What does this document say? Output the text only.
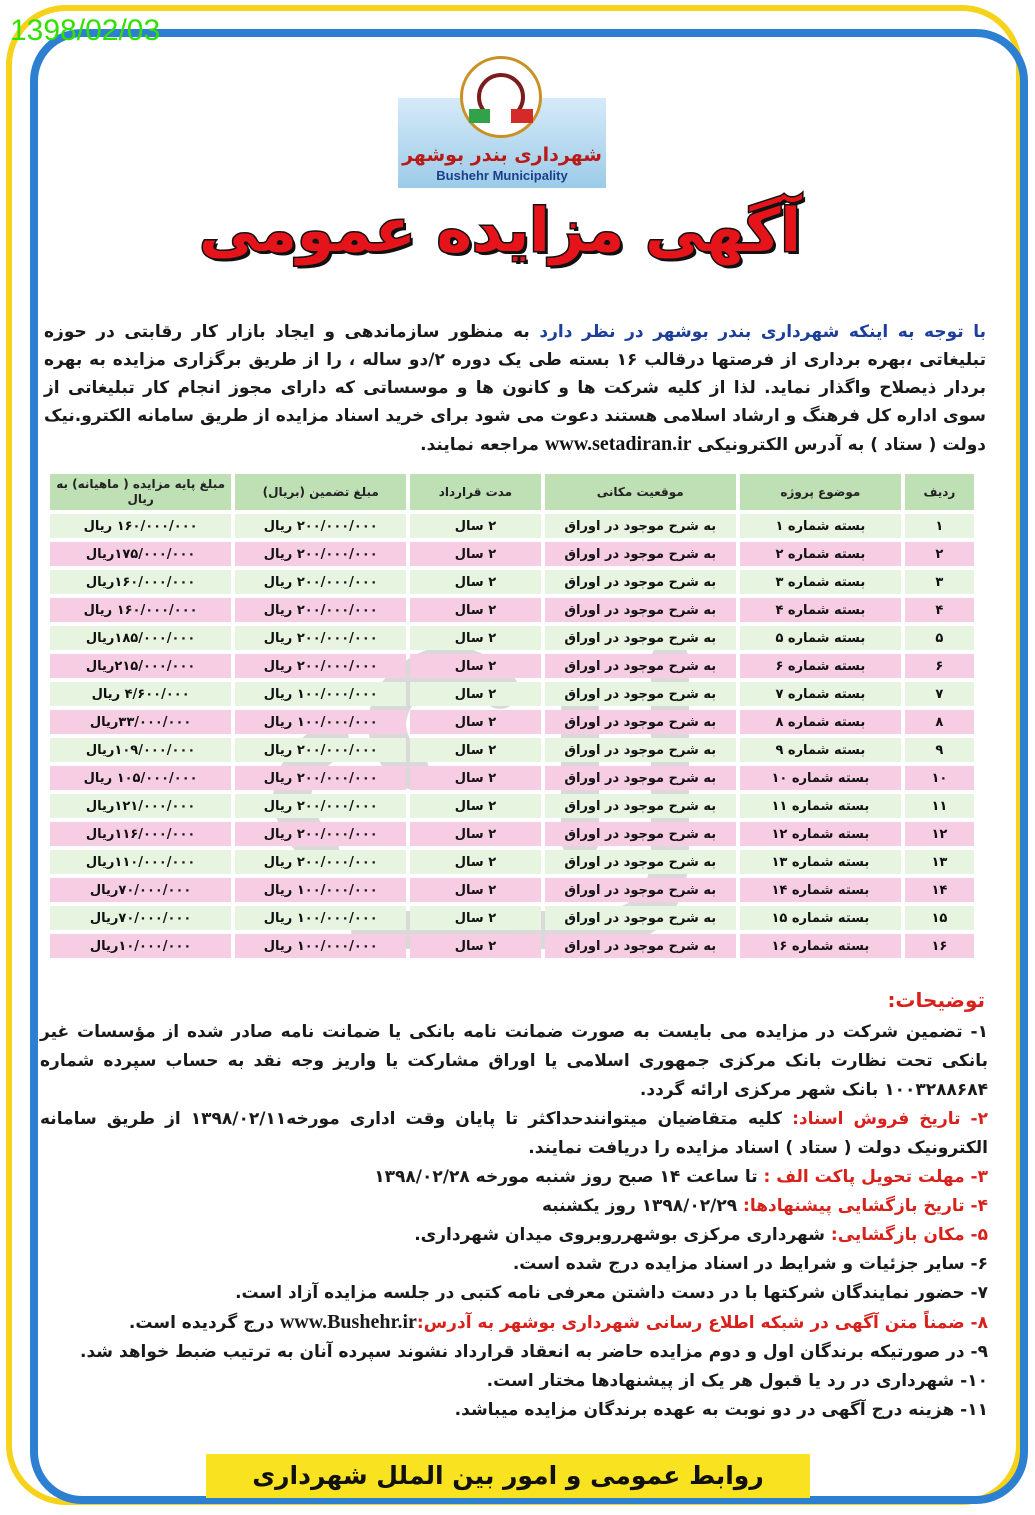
1398/02/03
شهرداری بندر بوشهر
Bushehr Municipality
آگهی مزایده عمومی
با توجه به اینکه شهرداری بندر بوشهر در نظر دارد به منظور سازماندهی و ایجاد بازار کار رقابتی در حوزه تبلیغاتی ،بهره برداری از فرصتها درقالب ۱۶ بسته طی یک دوره ۲/دو ساله ، را از طریق برگزاری مزایده به بهره بردار ذیصلاح واگذار نماید. لذا از کلیه شرکت ها و کانون ها و موسساتی که دارای مجوز انجام کار تبلیغاتی از سوی اداره کل فرهنگ و ارشاد اسلامی هستند دعوت می شود برای خرید اسناد مزایده از طریق سامانه الکترو.نیک دولت ( ستاد ) به آدرس الکترونیکی www.setadiran.ir مراجعه نمایند.
ردیف	موضوع پروژه	موقعیت مکانی	مدت قرارداد	مبلغ تضمین (بریال)	مبلغ پایه مزایده ( ماهیانه) به ریال
۱	بسته شماره ۱	به شرح موجود در اوراق	۲ سال	۲۰۰/۰۰۰/۰۰۰ ریال	۱۶۰/۰۰۰/۰۰۰ ریال
۲	بسته شماره ۲	به شرح موجود در اوراق	۲ سال	۲۰۰/۰۰۰/۰۰۰ ریال	۱۷۵/۰۰۰/۰۰۰ریال
۳	بسته شماره ۳	به شرح موجود در اوراق	۲ سال	۲۰۰/۰۰۰/۰۰۰ ریال	۱۶۰/۰۰۰/۰۰۰ریال
۴	بسته شماره ۴	به شرح موجود در اوراق	۲ سال	۲۰۰/۰۰۰/۰۰۰ ریال	۱۶۰/۰۰۰/۰۰۰ ریال
۵	بسته شماره ۵	به شرح موجود در اوراق	۲ سال	۲۰۰/۰۰۰/۰۰۰ ریال	۱۸۵/۰۰۰/۰۰۰ریال
۶	بسته شماره ۶	به شرح موجود در اوراق	۲ سال	۲۰۰/۰۰۰/۰۰۰ ریال	۲۱۵/۰۰۰/۰۰۰ریال
۷	بسته شماره ۷	به شرح موجود در اوراق	۲ سال	۱۰۰/۰۰۰/۰۰۰ ریال	۴/۶۰۰/۰۰۰ ریال
۸	بسته شماره ۸	به شرح موجود در اوراق	۲ سال	۱۰۰/۰۰۰/۰۰۰ ریال	۳۳/۰۰۰/۰۰۰ریال
۹	بسته شماره ۹	به شرح موجود در اوراق	۲ سال	۲۰۰/۰۰۰/۰۰۰ ریال	۱۰۹/۰۰۰/۰۰۰ریال
۱۰	بسته شماره ۱۰	به شرح موجود در اوراق	۲ سال	۲۰۰/۰۰۰/۰۰۰ ریال	۱۰۵/۰۰۰/۰۰۰ ریال
۱۱	بسته شماره ۱۱	به شرح موجود در اوراق	۲ سال	۲۰۰/۰۰۰/۰۰۰ ریال	۱۲۱/۰۰۰/۰۰۰ریال
۱۲	بسته شماره ۱۲	به شرح موجود در اوراق	۲ سال	۲۰۰/۰۰۰/۰۰۰ ریال	۱۱۶/۰۰۰/۰۰۰ریال
۱۳	بسته شماره ۱۳	به شرح موجود در اوراق	۲ سال	۲۰۰/۰۰۰/۰۰۰ ریال	۱۱۰/۰۰۰/۰۰۰ریال
۱۴	بسته شماره ۱۴	به شرح موجود در اوراق	۲ سال	۱۰۰/۰۰۰/۰۰۰ ریال	۷۰/۰۰۰/۰۰۰ریال
۱۵	بسته شماره ۱۵	به شرح موجود در اوراق	۲ سال	۱۰۰/۰۰۰/۰۰۰ ریال	۷۰/۰۰۰/۰۰۰ریال
۱۶	بسته شماره ۱۶	به شرح موجود در اوراق	۲ سال	۱۰۰/۰۰۰/۰۰۰ ریال	۱۰/۰۰۰/۰۰۰ریال
توضیحات:

۱- تضمین شرکت در مزایده می بایست به صورت ضمانت نامه بانکی یا ضمانت نامه صادر شده از مؤسسات غیر بانکی تحت نظارت بانک مرکزی جمهوری اسلامی یا اوراق مشارکت یا واریز وجه نقد به حساب سپرده شماره ۱۰۰۳۲۸۸۶۸۴ بانک شهر مرکزی ارائه گردد.

۲- تاریخ فروش اسناد: کلیه متقاضیان میتوانندحداکثر تا پایان وقت اداری مورخه۱۳۹۸/۰۲/۱۱ از طریق سامانه الکترونیک دولت ( ستاد ) اسناد مزایده را دریافت نمایند.

۳- مهلت تحویل پاکت الف : تا ساعت ۱۴ صبح روز شنبه مورخه ۱۳۹۸/۰۲/۲۸

۴- تاریخ بازگشایی پیشنهادها: ۱۳۹۸/۰۲/۲۹ روز یکشنبه

۵- مکان بازگشایی: شهرداری مرکزی بوشهرروبروی میدان شهرداری.

۶- سایر جزئیات و شرایط در اسناد مزایده درج شده است.

۷- حضور نمایندگان شرکتها با در دست داشتن معرفی نامه کتبی در جلسه مزایده آزاد است.

۸- ضمناً متن آگهی در شبکه اطلاع رسانی شهرداری بوشهر به آدرس:www.Bushehr.ir درج گردیده است.

۹- در صورتیکه برندگان اول و دوم مزایده حاضر به انعقاد قرارداد نشوند سپرده آنان به ترتیب ضبط خواهد شد.

۱۰- شهرداری در رد یا قبول هر یک از پیشنهادها مختار است.

۱۱- هزینه درج آگهی در دو نوبت به عهده برندگان مزایده میباشد.

روابط عمومی و امور بین الملل شهرداری
